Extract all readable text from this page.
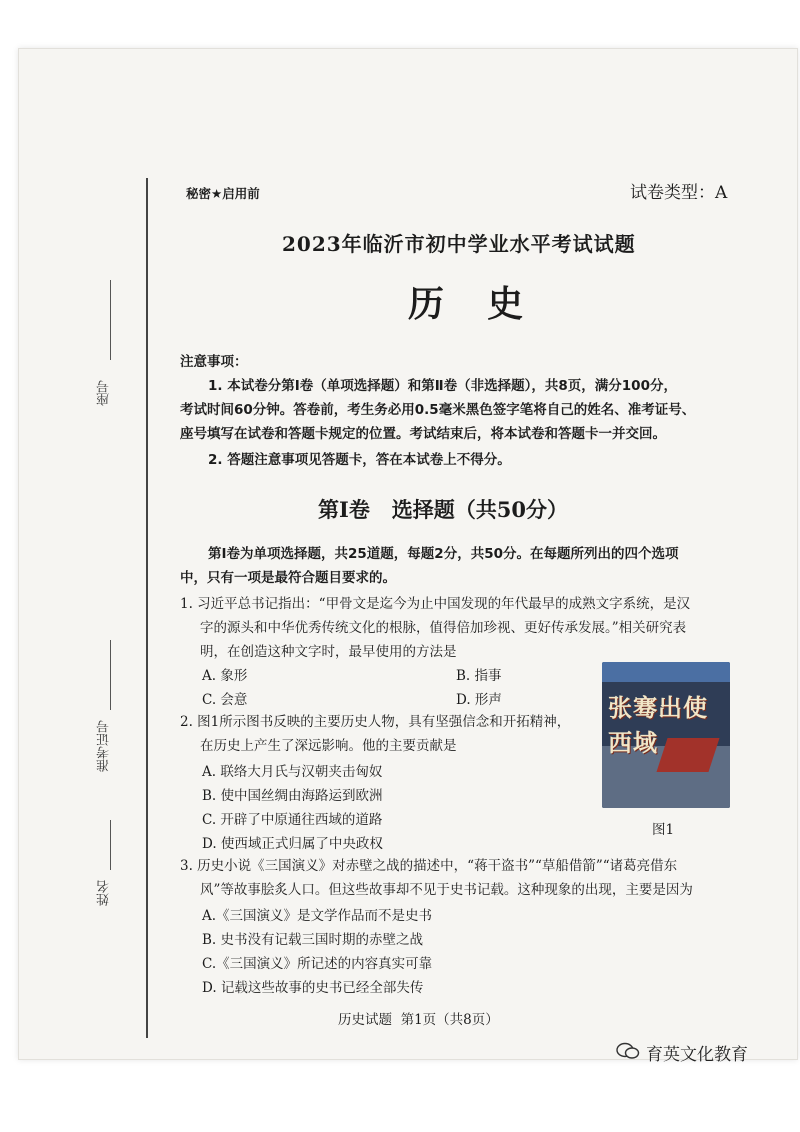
座号
准考证号
姓名
秘密★启用前	试卷类型：A
2023年临沂市初中学业水平考试试题
历  史
注意事项：
1. 本试卷分第Ⅰ卷（单项选择题）和第Ⅱ卷（非选择题），共8页，满分100分，
考试时间60分钟。答卷前，考生务必用0.5毫米黑色签字笔将自己的姓名、准考证号、
座号填写在试卷和答题卡规定的位置。考试结束后，将本试卷和答题卡一并交回。
2. 答题注意事项见答题卡，答在本试卷上不得分。
第Ⅰ卷   选择题（共50分）
第Ⅰ卷为单项选择题，共25道题，每题2分，共50分。在每题所列出的四个选项
中，只有一项是最符合题目要求的。
1. 习近平总书记指出：“甲骨文是迄今为止中国发现的年代最早的成熟文字系统，是汉
字的源头和中华优秀传统文化的根脉，值得倍加珍视、更好传承发展。”相关研究表
明，在创造这种文字时，最早使用的方法是
A. 象形	B. 指事
C. 会意	D. 形声
2. 图1所示图书反映的主要历史人物，具有坚强信念和开拓精神，
在历史上产生了深远影响。他的主要贡献是
A. 联络大月氏与汉朝夹击匈奴
B. 使中国丝绸由海路运到欧洲
C. 开辟了中原通往西域的道路
D. 使西域正式归属了中央政权
张骞出使西域
图1
3. 历史小说《三国演义》对赤壁之战的描述中，“蒋干盗书”“草船借箭”“诸葛亮借东
风”等故事脍炙人口。但这些故事却不见于史书记载。这种现象的出现，主要是因为
A.《三国演义》是文学作品而不是史书
B. 史书没有记载三国时期的赤壁之战
C.《三国演义》所记述的内容真实可靠
D. 记载这些故事的史书已经全部失传
历史试题  第1页（共8页）
育英文化教育
